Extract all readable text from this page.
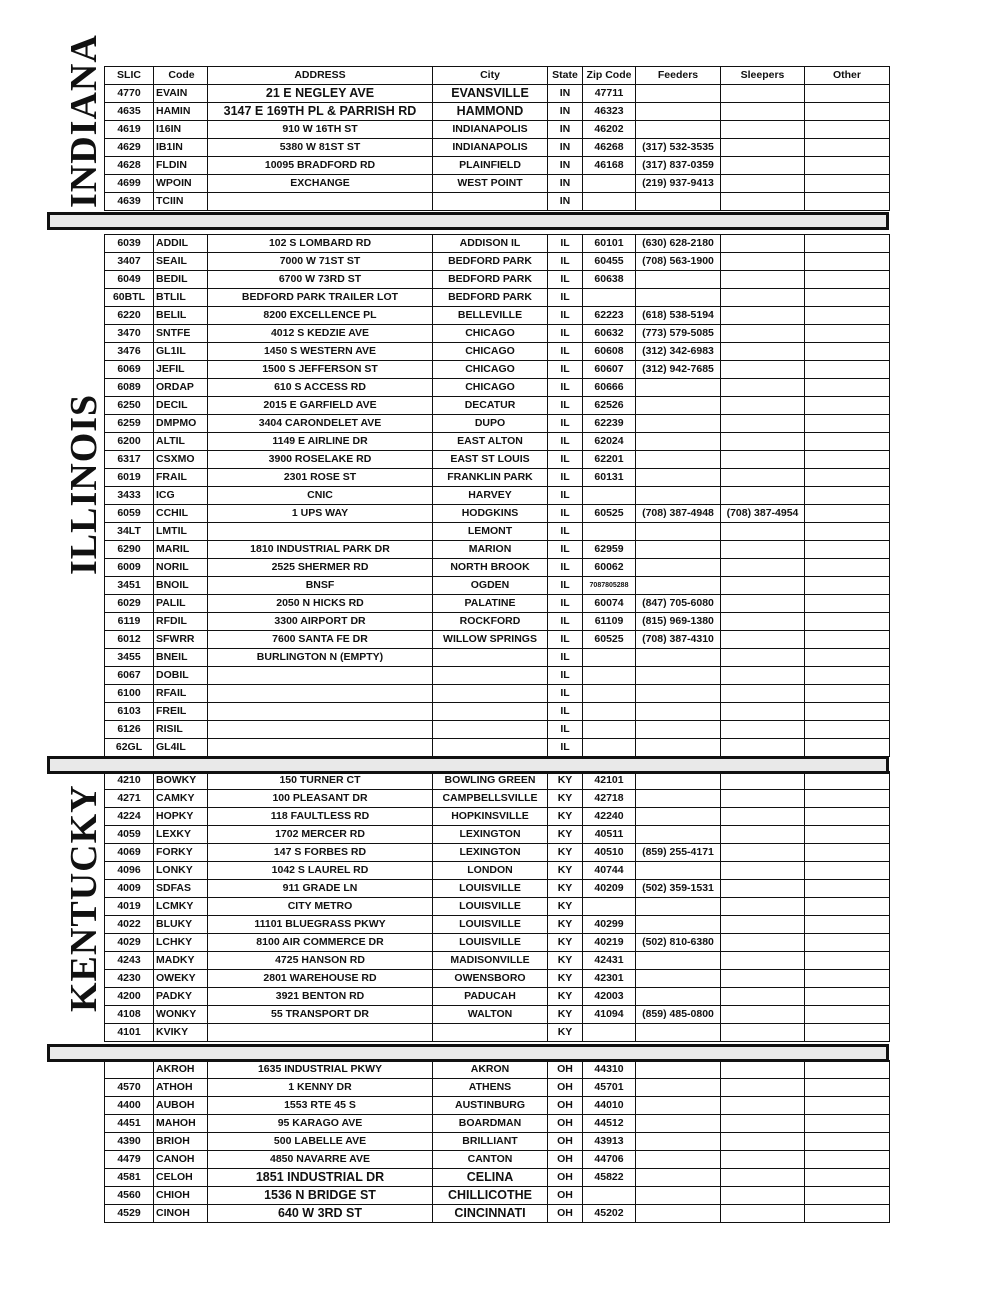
INDIANA
ILLINOIS
KENTUCKY
SLIC	Code	ADDRESS	City	State	Zip Code	Feeders	Sleepers	Other
4770	EVAIN	21 E NEGLEY AVE	EVANSVILLE	IN	47711			
4635	HAMIN	3147 E 169TH PL & PARRISH RD	HAMMOND	IN	46323			
4619	I16IN	910 W 16TH ST	INDIANAPOLIS	IN	46202			
4629	IB1IN	5380 W 81ST ST	INDIANAPOLIS	IN	46268	(317) 532-3535		
4628	FLDIN	10095 BRADFORD RD	PLAINFIELD	IN	46168	(317) 837-0359		
4699	WPOIN	EXCHANGE	WEST POINT	IN		(219) 937-9413		
4639	TCIIN			IN				
6039	ADDIL	102 S LOMBARD RD	ADDISON IL	IL	60101	(630) 628-2180		
3407	SEAIL	7000 W 71ST ST	BEDFORD PARK	IL	60455	(708) 563-1900		
6049	BEDIL	6700 W 73RD ST	BEDFORD PARK	IL	60638			
60BTL	BTLIL	BEDFORD PARK TRAILER LOT	BEDFORD PARK	IL				
6220	BELIL	8200 EXCELLENCE PL	BELLEVILLE	IL	62223	(618) 538-5194		
3470	SNTFE	4012 S KEDZIE AVE	CHICAGO	IL	60632	(773) 579-5085		
3476	GL1IL	1450 S WESTERN AVE	CHICAGO	IL	60608	(312) 342-6983		
6069	JEFIL	1500 S JEFFERSON ST	CHICAGO	IL	60607	(312) 942-7685		
6089	ORDAP	610 S ACCESS RD	CHICAGO	IL	60666			
6250	DECIL	2015 E GARFIELD AVE	DECATUR	IL	62526			
6259	DMPMO	3404 CARONDELET AVE	DUPO	IL	62239			
6200	ALTIL	1149 E AIRLINE DR	EAST ALTON	IL	62024			
6317	CSXMO	3900 ROSELAKE RD	EAST ST LOUIS	IL	62201			
6019	FRAIL	2301 ROSE ST	FRANKLIN PARK	IL	60131			
3433	ICG	CNIC	HARVEY	IL				
6059	CCHIL	1 UPS WAY	HODGKINS	IL	60525	(708) 387-4948	(708) 387-4954	
34LT	LMTIL		LEMONT	IL				
6290	MARIL	1810 INDUSTRIAL PARK DR	MARION	IL	62959			
6009	NORIL	2525 SHERMER RD	NORTH BROOK	IL	60062			
3451	BNOIL	BNSF	OGDEN	IL	7087805288			
6029	PALIL	2050 N HICKS RD	PALATINE	IL	60074	(847) 705-6080		
6119	RFDIL	3300 AIRPORT DR	ROCKFORD	IL	61109	(815) 969-1380		
6012	SFWRR	7600 SANTA FE DR	WILLOW SPRINGS	IL	60525	(708) 387-4310		
3455	BNEIL	BURLINGTON N (EMPTY)		IL				
6067	DOBIL			IL				
6100	RFAIL			IL				
6103	FREIL			IL				
6126	RISIL			IL				
62GL	GL4IL			IL				
4210	BOWKY	150 TURNER CT	BOWLING GREEN	KY	42101			
4271	CAMKY	100 PLEASANT DR	CAMPBELLSVILLE	KY	42718			
4224	HOPKY	118 FAULTLESS RD	HOPKINSVILLE	KY	42240			
4059	LEXKY	1702 MERCER RD	LEXINGTON	KY	40511			
4069	FORKY	147 S FORBES RD	LEXINGTON	KY	40510	(859) 255-4171		
4096	LONKY	1042 S LAUREL RD	LONDON	KY	40744			
4009	SDFAS	911 GRADE LN	LOUISVILLE	KY	40209	(502) 359-1531		
4019	LCMKY	CITY METRO	LOUISVILLE	KY				
4022	BLUKY	11101 BLUEGRASS PKWY	LOUISVILLE	KY	40299			
4029	LCHKY	8100 AIR COMMERCE DR	LOUISVILLE	KY	40219	(502) 810-6380		
4243	MADKY	4725 HANSON RD	MADISONVILLE	KY	42431			
4230	OWEKY	2801 WAREHOUSE RD	OWENSBORO	KY	42301			
4200	PADKY	3921 BENTON RD	PADUCAH	KY	42003			
4108	WONKY	55 TRANSPORT DR	WALTON	KY	41094	(859) 485-0800		
4101	KVIKY			KY				
	AKROH	1635 INDUSTRIAL PKWY	AKRON	OH	44310			
4570	ATHOH	1 KENNY DR	ATHENS	OH	45701			
4400	AUBOH	1553 RTE 45 S	AUSTINBURG	OH	44010			
4451	MAHOH	95 KARAGO AVE	BOARDMAN	OH	44512			
4390	BRIOH	500 LABELLE AVE	BRILLIANT	OH	43913			
4479	CANOH	4850 NAVARRE AVE	CANTON	OH	44706			
4581	CELOH	1851 INDUSTRIAL DR	CELINA	OH	45822			
4560	CHIOH	1536 N BRIDGE ST	CHILLICOTHE	OH				
4529	CINOH	640 W 3RD ST	CINCINNATI	OH	45202			
